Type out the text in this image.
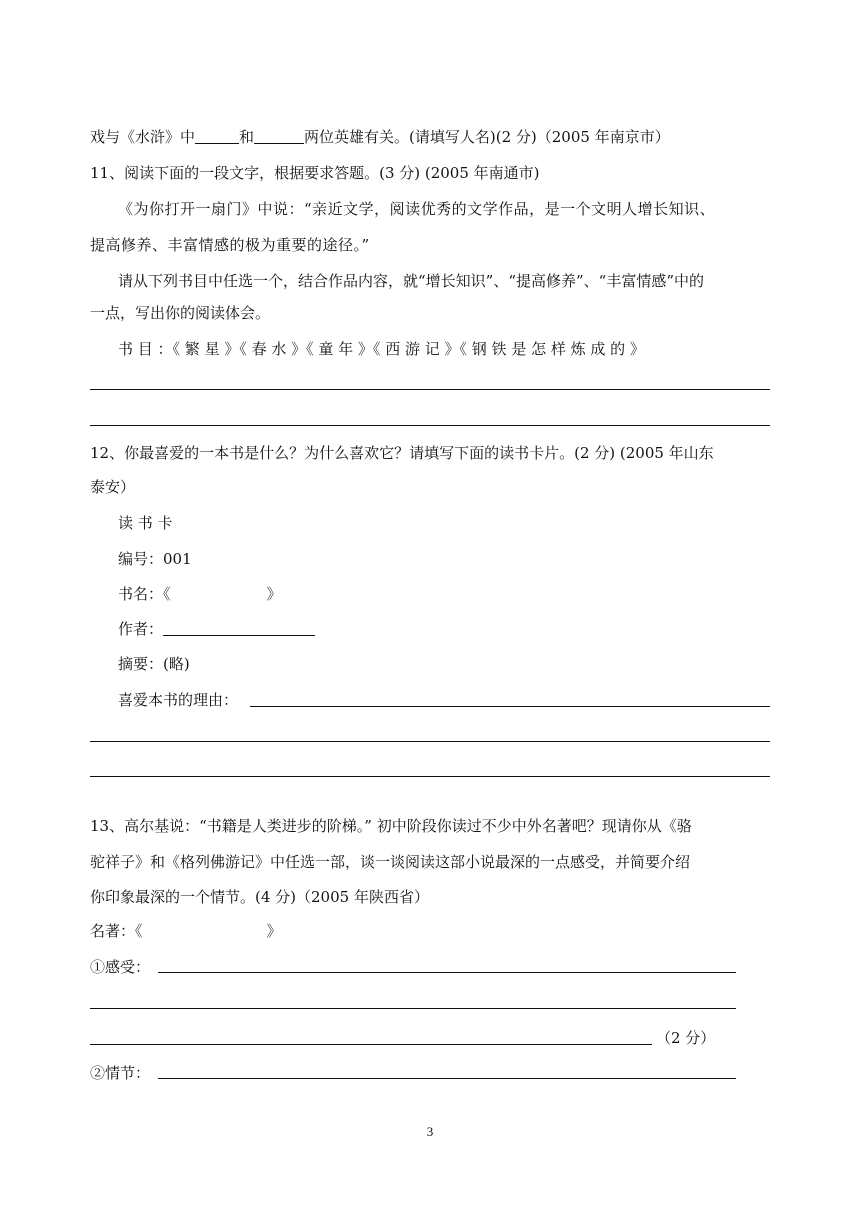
戏与《水浒》中	和	两位英雄有关。(请填写人名)(2 分)（2005 年南京市）
11、阅读下面的一段文字，根据要求答题。(3 分) (2005 年南通市)
《为你打开一扇门》中说：“亲近文学，阅读优秀的文学作品，是一个文明人增长知识、
提高修养、丰富情感的极为重要的途径。”
请从下列书目中任选一个，结合作品内容，就“增长知识”、“提高修养”、“丰富情感”中的
一点，写出你的阅读体会。
书 目 ：《 繁 星 》《 春 水 》《 童 年 》《 西 游 记 》《 钢 铁 是 怎 样 炼 成 的 》
12、你最喜爱的一本书是什么？为什么喜欢它？请填写下面的读书卡片。(2 分) (2005 年山东
泰安）
读 书 卡
编号：001
书名：《	》
作者：
摘要：(略)
喜爱本书的理由：
13、高尔基说：“书籍是人类进步的阶梯。” 初中阶段你读过不少中外名著吧？现请你从《骆
驼祥子》和《格列佛游记》中任选一部，谈一谈阅读这部小说最深的一点感受，并简要介绍
你印象最深的一个情节。(4 分)（2005 年陕西省）
名著：《	》
①感受：
（2 分）
②情节：
3
